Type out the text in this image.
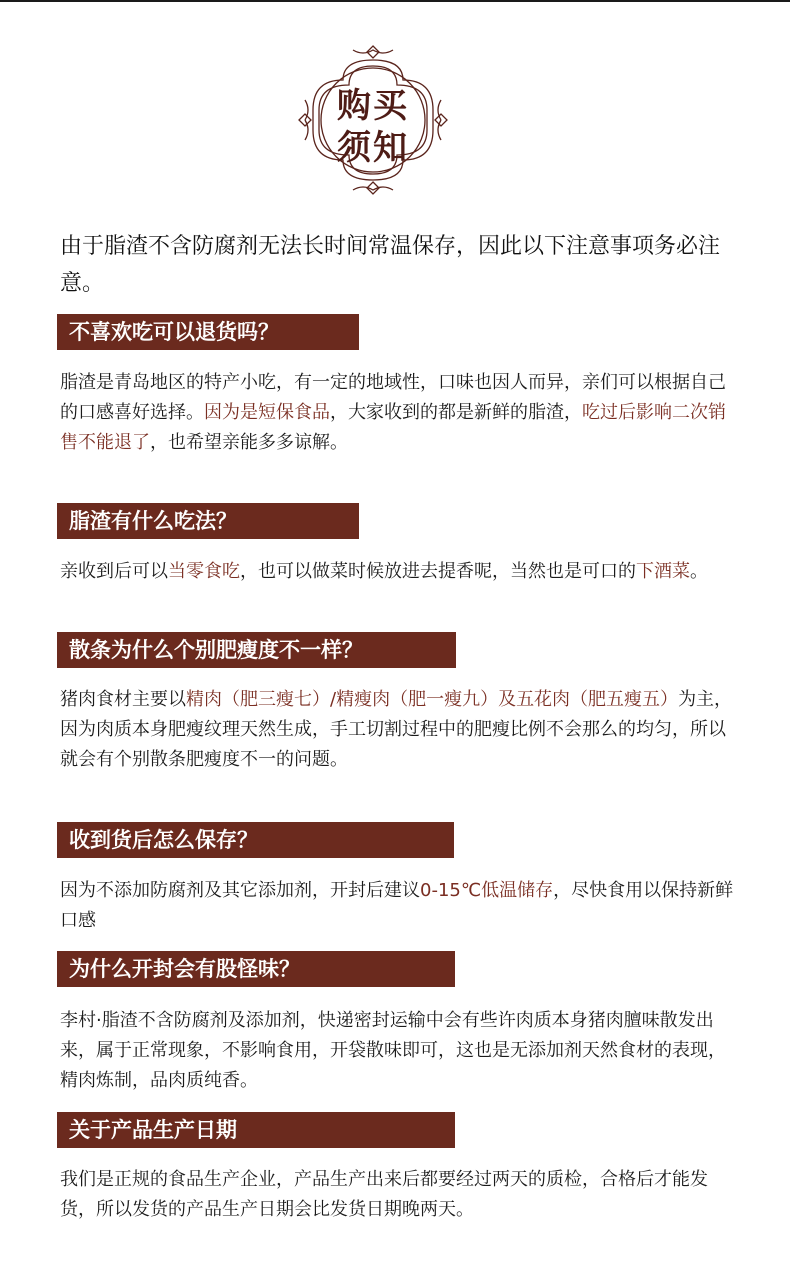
购买
须知
由于脂渣不含防腐剂无法长时间常温保存，因此以下注意事项务必注意。
不喜欢吃可以退货吗？
脂渣是青岛地区的特产小吃，有一定的地域性，口味也因人而异，亲们可以根据自己的口感喜好选择。因为是短保食品，大家收到的都是新鲜的脂渣，吃过后影响二次销售不能退了，也希望亲能多多谅解。
脂渣有什么吃法？
亲收到后可以当零食吃，也可以做菜时候放进去提香呢，当然也是可口的下酒菜。
散条为什么个别肥瘦度不一样？
猪肉食材主要以精肉（肥三瘦七）/精瘦肉（肥一瘦九）及五花肉（肥五瘦五）为主，因为肉质本身肥瘦纹理天然生成，手工切割过程中的肥瘦比例不会那么的均匀，所以就会有个别散条肥瘦度不一的问题。
收到货后怎么保存？
因为不添加防腐剂及其它添加剂，开封后建议0-15℃低温储存，尽快食用以保持新鲜口感
为什么开封会有股怪味？
李村·脂渣不含防腐剂及添加剂，快递密封运输中会有些许肉质本身猪肉膻味散发出来，属于正常现象，不影响食用，开袋散味即可，这也是无添加剂天然食材的表现，精肉炼制，品肉质纯香。
关于产品生产日期
我们是正规的食品生产企业，产品生产出来后都要经过两天的质检，合格后才能发货，所以发货的产品生产日期会比发货日期晚两天。
